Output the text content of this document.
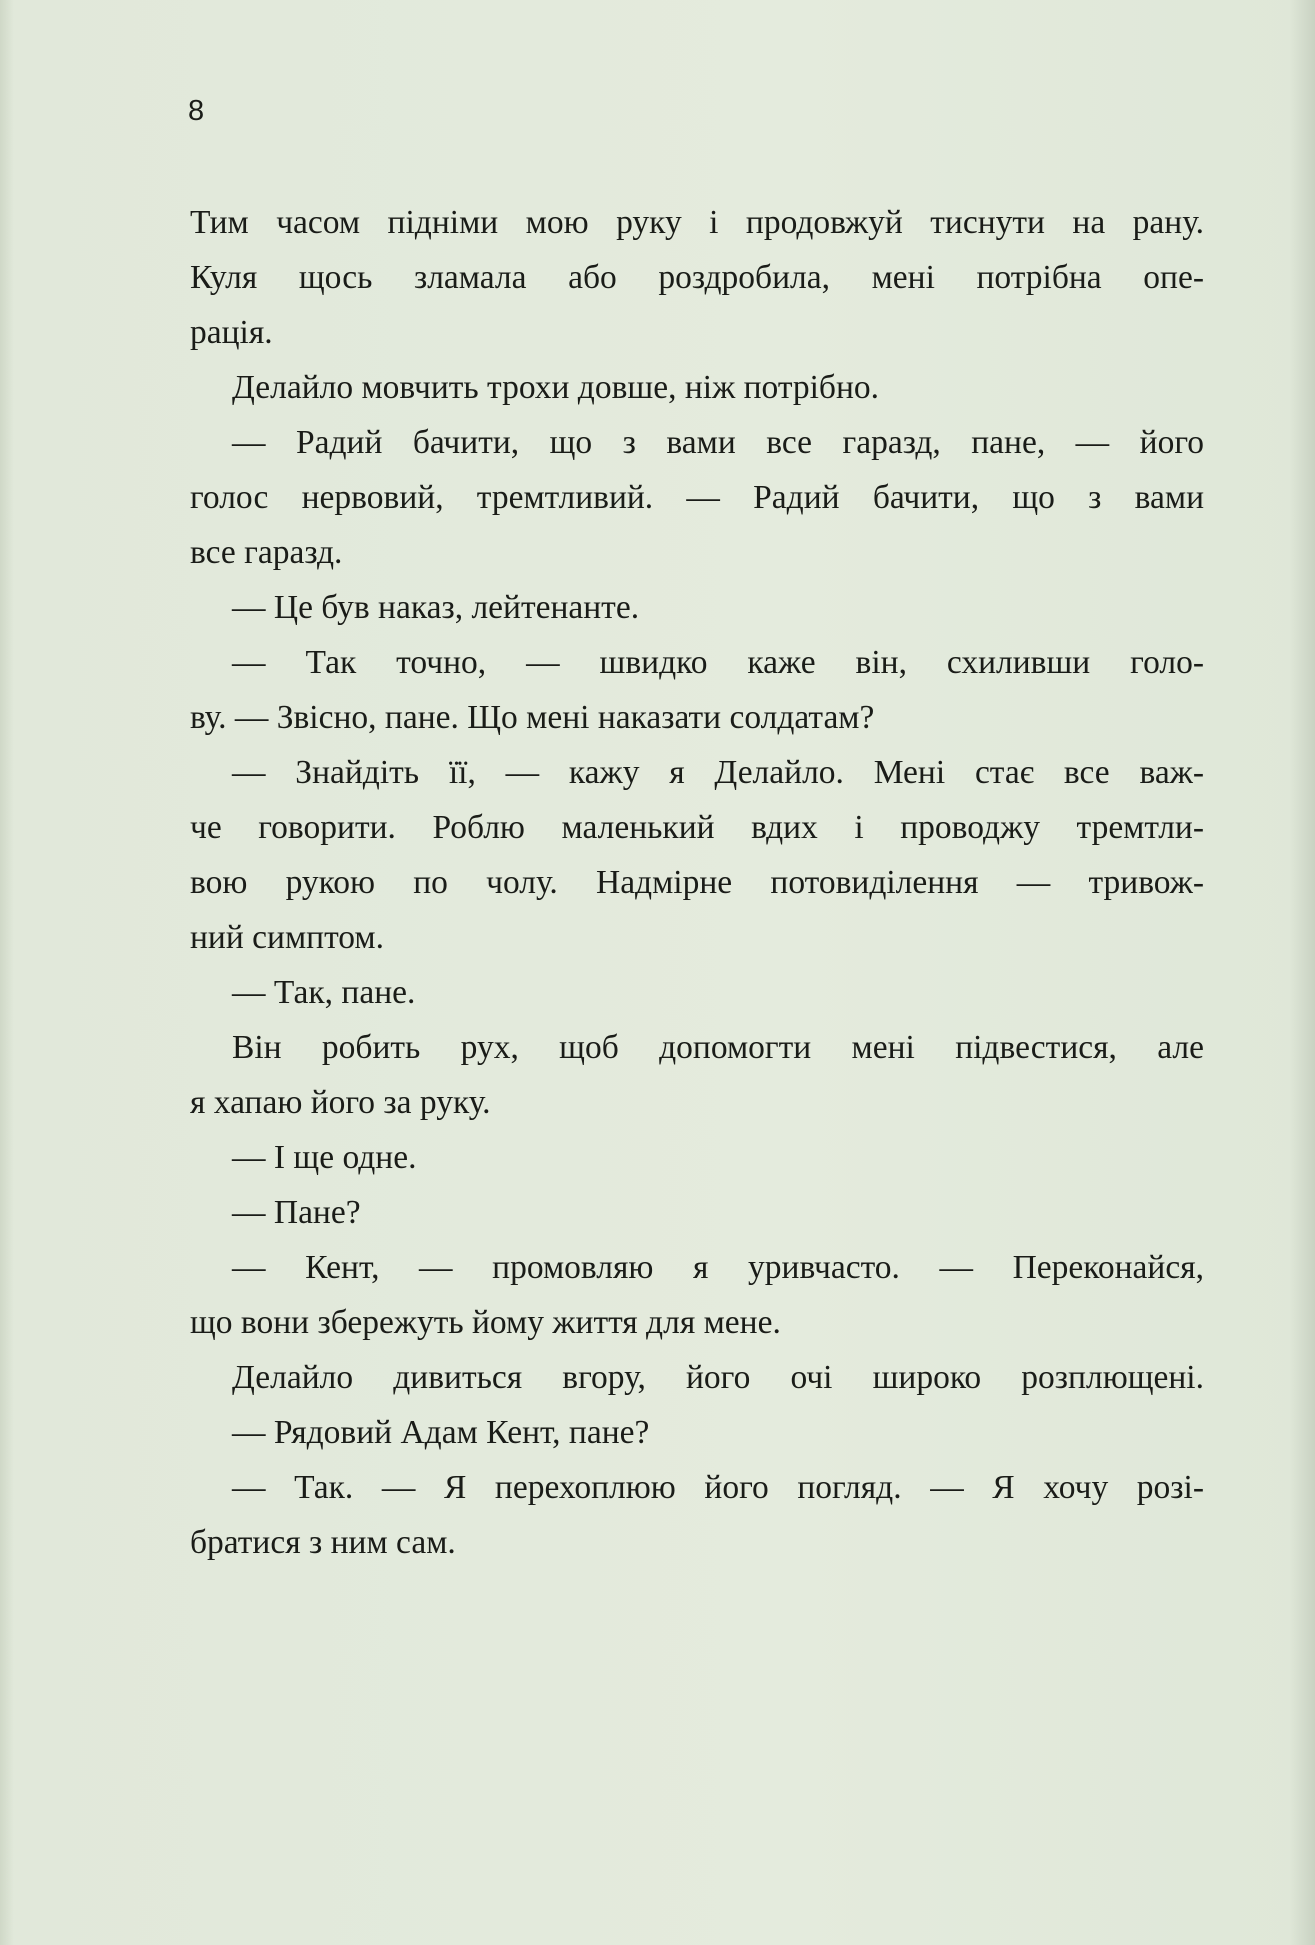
8
Тим часом підніми мою руку і продовжуй тиснути на рану.
Куля щось зламала або роздробила, мені потрібна опе-
рація.
Делайло мовчить трохи довше, ніж потрібно.
— Радий бачити, що з вами все гаразд, пане, — його
голос нервовий, тремтливий. — Радий бачити, що з вами
все гаразд.
— Це був наказ, лейтенанте.
— Так точно, — швидко каже він, схиливши голо-
ву. — Звісно, пане. Що мені наказати солдатам?
— Знайдіть її, — кажу я Делайло. Мені стає все важ-
че говорити. Роблю маленький вдих і проводжу тремтли-
вою рукою по чолу. Надмірне потовиділення — тривож-
ний симптом.
— Так, пане.
Він робить рух, щоб допомогти мені підвестися, але
я хапаю його за руку.
— І ще одне.
— Пане?
— Кент, — промовляю я уривчасто. — Переконайся,
що вони збережуть йому життя для мене.
Делайло дивиться вгору, його очі широко розплющені.
— Рядовий Адам Кент, пане?
— Так. — Я перехоплюю його погляд. — Я хочу розі-
братися з ним сам.
